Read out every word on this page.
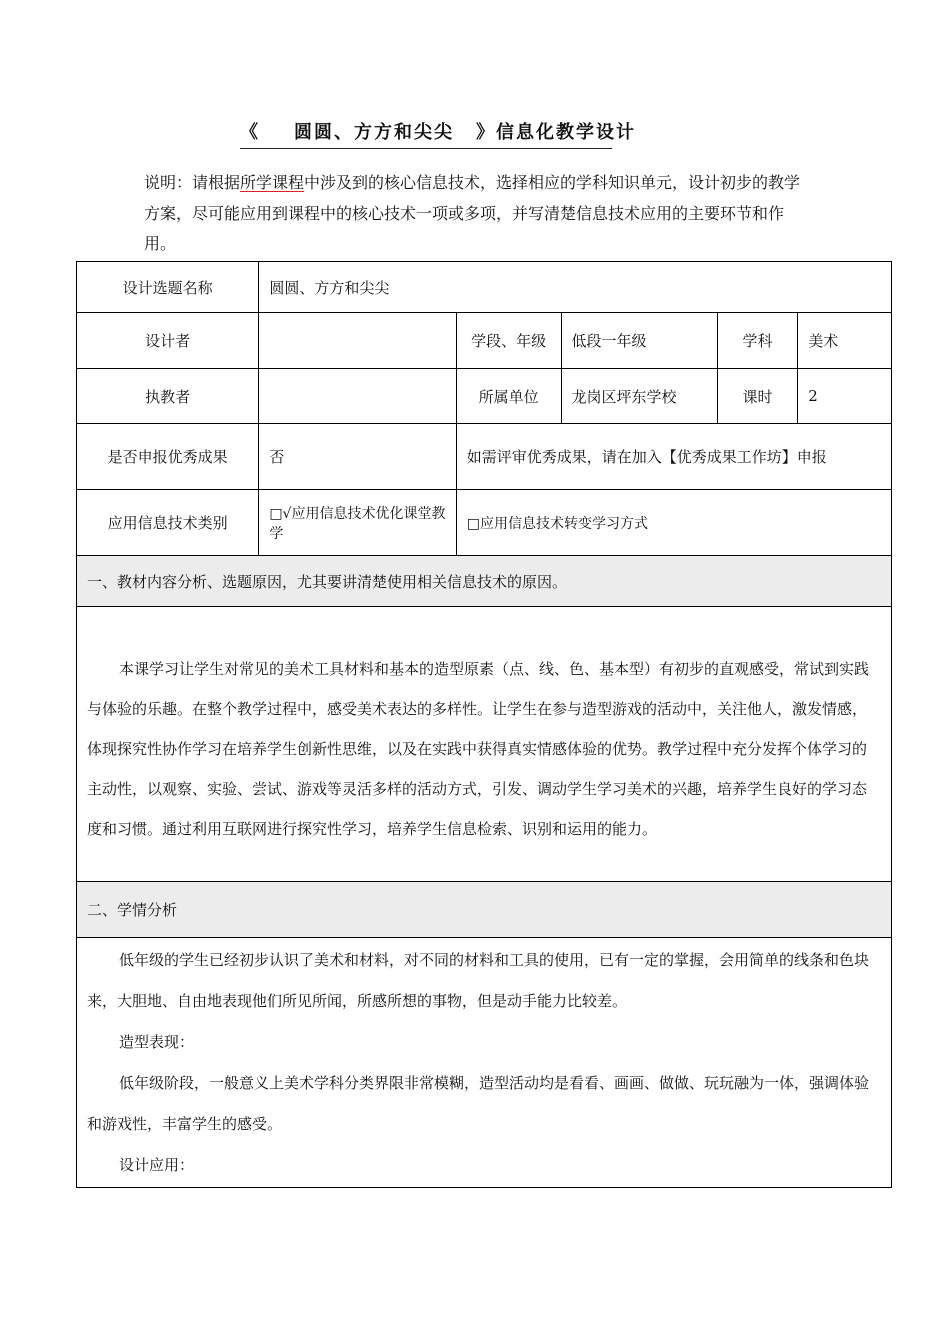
《 圆圆、方方和尖尖 》信息化教学设计
说明：请根据所学课程中涉及到的核心信息技术，选择相应的学科知识单元，设计初步的教学方案，尽可能应用到课程中的核心技术一项或多项，并写清楚信息技术应用的主要环节和作用。
设计选题名称	圆圆、方方和尖尖				
设计者		学段、年级	低段一年级	学科	美术
执教者		所属单位	龙岗区坪东学校	课时	2
是否申报优秀成果	否	如需评审优秀成果，请在加入【优秀成果工作坊】申报			
应用信息技术类别	□√应用信息技术优化课堂教学	□应用信息技术转变学习方式			
一、教材内容分析、选题原因，尤其要讲清楚使用相关信息技术的原因。					

本课学习让学生对常见的美术工具材料和基本的造型原素（点、线、色、基本型）有初步的直观感受，常试到实践与体验的乐趣。在整个教学过程中，感受美术表达的多样性。让学生在参与造型游戏的活动中，关注他人，激发情感，体现探究性协作学习在培养学生创新性思维，以及在实践中获得真实情感体验的优势。教学过程中充分发挥个体学习的主动性，以观察、实验、尝试、游戏等灵活多样的活动方式，引发、调动学生学习美术的兴趣，培养学生良好的学习态度和习惯。通过利用互联网进行探究性学习，培养学生信息检索、识别和运用的能力。					

二、学情分析					

低年级的学生已经初步认识了美术和材料，对不同的材料和工具的使用，已有一定的掌握，会用简单的线条和色块来，大胆地、自由地表现他们所见所闻，所感所想的事物，但是动手能力比较差。

造型表现：

低年级阶段，一般意义上美术学科分类界限非常模糊，造型活动均是看看、画画、做做、玩玩融为一体，强调体验和游戏性，丰富学生的感受。

设计应用：					
